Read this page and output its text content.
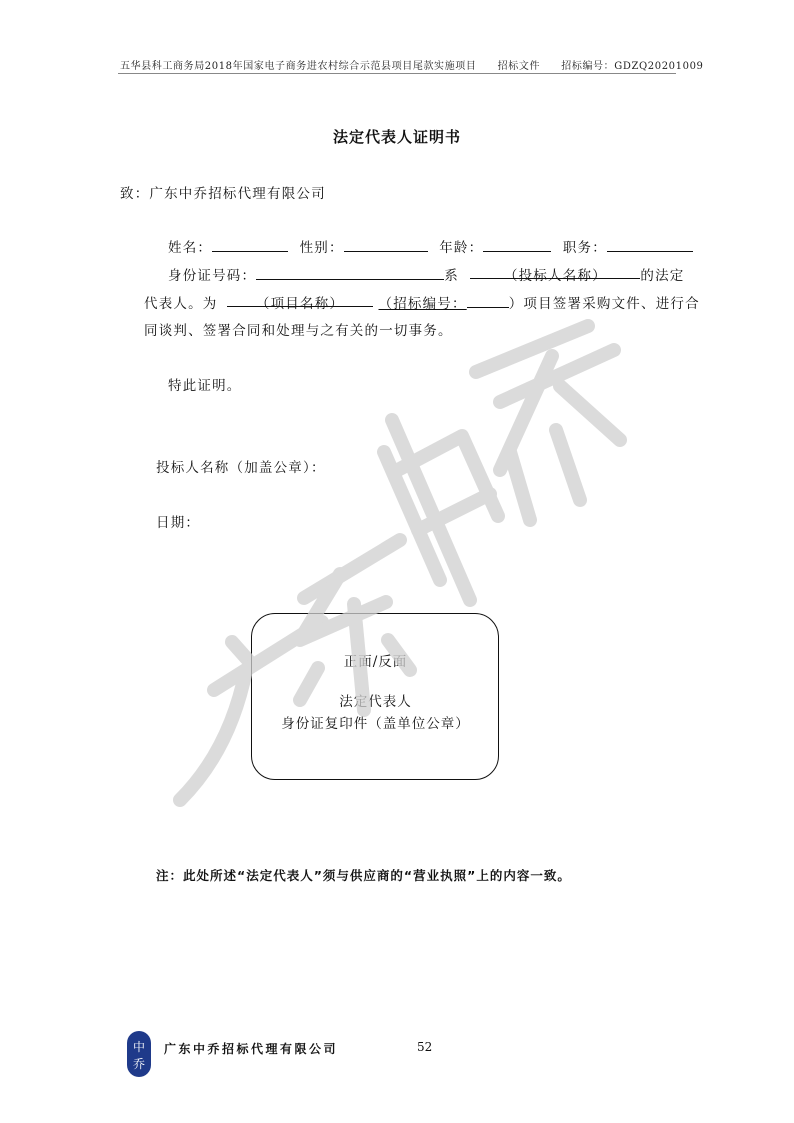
五华县科工商务局2018年国家电子商务进农村综合示范县项目尾款实施项目　　招标文件　　招标编号：GDZQ20201009
法定代表人证明书
致：广东中乔招标代理有限公司
姓名：	性别：	年龄：	职务：
身份证号码：	系	（投标人名称） 的法定
代表人。为	（项目名称）	（招标编号：	）项目签署采购文件、进行合
同谈判、签署合同和处理与之有关的一切事务。
特此证明。
投标人名称（加盖公章）：
日期：
正面/反面
法定代表人
身份证复印件（盖单位公章）
注：此处所述“法定代表人”须与供应商的“营业执照”上的内容一致。
中
乔
广东中乔招标代理有限公司	52
